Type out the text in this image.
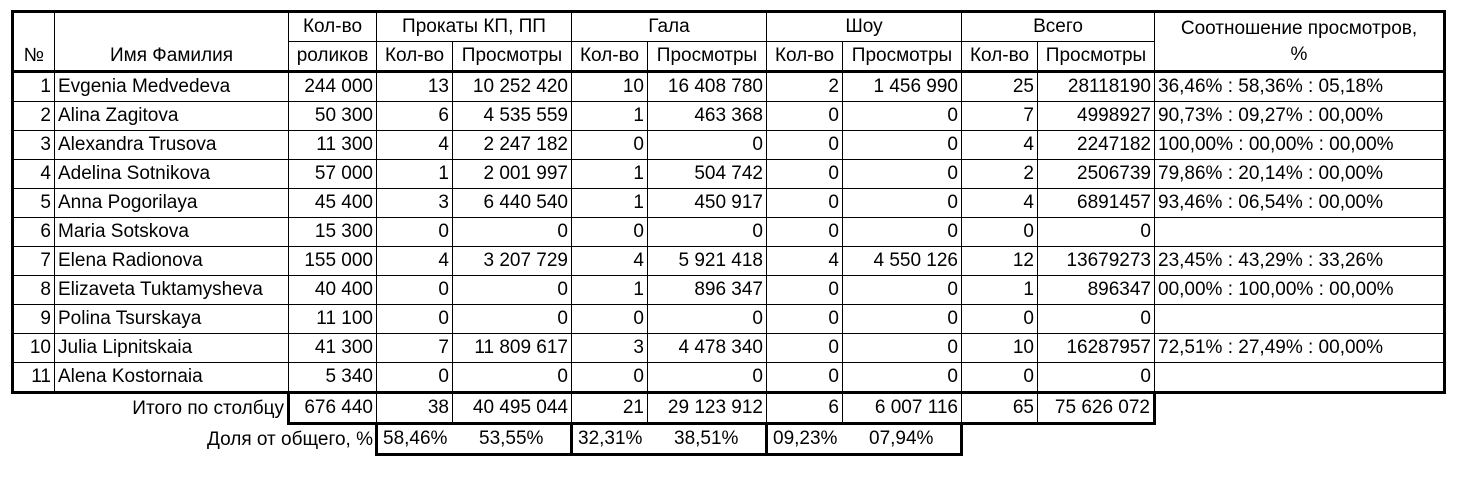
№	Имя Фамилия	Кол-во	Прокаты КП, ПП		Гала		Шоу		Всего		Соотношение просмотров,
%

		роликов	Кол-во	Просмотры	Кол-во	Просмотры	Кол-во	Просмотры	Кол-во	Просмотры	
1	Evgenia Medvedeva	244 000	13	10 252 420	10	16 408 780	2	1 456 990	25	28118190	36,46% : 58,36% : 05,18%
2	Alina Zagitova	50 300	6	4 535 559	1	463 368	0	0	7	4998927	90,73% : 09,27% : 00,00%
3	Alexandra Trusova	11 300	4	2 247 182	0	0	0	0	4	2247182	100,00% : 00,00% : 00,00%
4	Adelina Sotnikova	57 000	1	2 001 997	1	504 742	0	0	2	2506739	79,86% : 20,14% : 00,00%
5	Anna Pogorilaya	45 400	3	6 440 540	1	450 917	0	0	4	6891457	93,46% : 06,54% : 00,00%
6	Maria Sotskova	15 300	0	0	0	0	0	0	0	0	
7	Elena Radionova	155 000	4	3 207 729	4	5 921 418	4	4 550 126	12	13679273	23,45% : 43,29% : 33,26%
8	Elizaveta Tuktamysheva	40 400	0	0	1	896 347	0	0	1	896347	00,00% : 100,00% : 00,00%
9	Polina Tsurskaya	11 100	0	0	0	0	0	0	0	0	
10	Julia Lipnitskaia	41 300	7	11 809 617	3	4 478 340	0	0	10	16287957	72,51% : 27,49% : 00,00%
11	Alena Kostornaia	5 340	0	0	0	0	0	0	0	0	
Итого по столбцу		676 440	38	40 495 044	21	29 123 912	6	6 007 116	65	75 626 072	
Доля от общего, %			58,46%	53,55%	32,31%	38,51%	09,23%	07,94%			
